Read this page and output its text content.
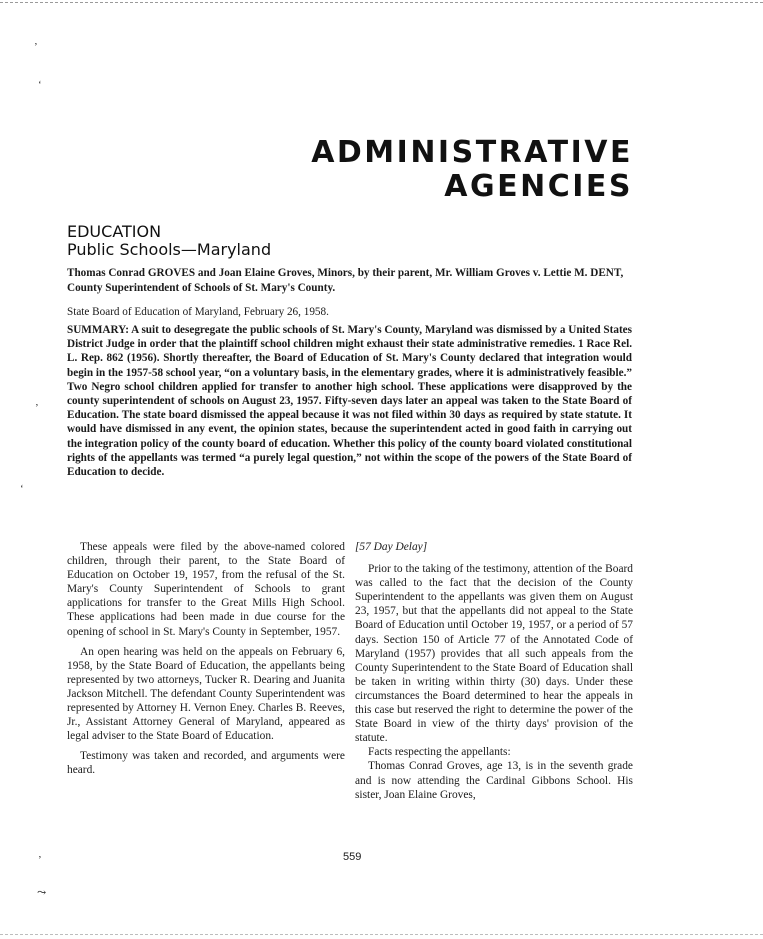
’
ʻ
’
‘
’
⤳
ADMINISTRATIVE
AGENCIES
EDUCATION
Public Schools—Maryland

Thomas Conrad GROVES and Joan Elaine Groves, Minors, by their parent, Mr. William Groves v. Lettie M. DENT, County Superintendent of Schools of St. Mary's County.

State Board of Education of Maryland, February 26, 1958.

SUMMARY: A suit to desegregate the public schools of St. Mary's County, Maryland was dismissed by a United States District Judge in order that the plaintiff school children might exhaust their state administrative remedies. 1 Race Rel. L. Rep. 862 (1956). Shortly thereafter, the Board of Education of St. Mary's County declared that integration would begin in the 1957-58 school year, “on a voluntary basis, in the elementary grades, where it is administratively feasible.” Two Negro school children applied for transfer to another high school. These applications were disapproved by the county superintendent of schools on August 23, 1957. Fifty-seven days later an appeal was taken to the State Board of Education. The state board dismissed the appeal because it was not filed within 30 days as required by state statute. It would have dismissed in any event, the opinion states, because the superintendent acted in good faith in carrying out the integration policy of the county board of education. Whether this policy of the county board violated constitutional rights of the appellants was termed “a purely legal question,” not within the scope of the powers of the State Board of Education to decide.

These appeals were filed by the above-named colored children, through their parent, to the State Board of Education on October 19, 1957, from the refusal of the St. Mary's County Superintendent of Schools to grant applications for transfer to the Great Mills High School. These applications had been made in due course for the opening of school in St. Mary's County in September, 1957.

An open hearing was held on the appeals on February 6, 1958, by the State Board of Education, the appellants being represented by two attorneys, Tucker R. Dearing and Juanita Jackson Mitchell. The defendant County Superintendent was represented by Attorney H. Vernon Eney. Charles B. Reeves, Jr., Assistant Attorney General of Maryland, appeared as legal adviser to the State Board of Education.

Testimony was taken and recorded, and arguments were heard.

[57 Day Delay]

Prior to the taking of the testimony, attention of the Board was called to the fact that the decision of the County Superintendent to the appellants was given them on August 23, 1957, but that the appellants did not appeal to the State Board of Education until October 19, 1957, or a period of 57 days. Section 150 of Article 77 of the Annotated Code of Maryland (1957) provides that all such appeals from the County Superintendent to the State Board of Education shall be taken in writing within thirty (30) days. Under these circumstances the Board determined to hear the appeals in this case but reserved the right to determine the power of the State Board in view of the thirty days' provision of the statute.

Facts respecting the appellants:

Thomas Conrad Groves, age 13, is in the seventh grade and is now attending the Cardinal Gibbons School. His sister, Joan Elaine Groves,

559
